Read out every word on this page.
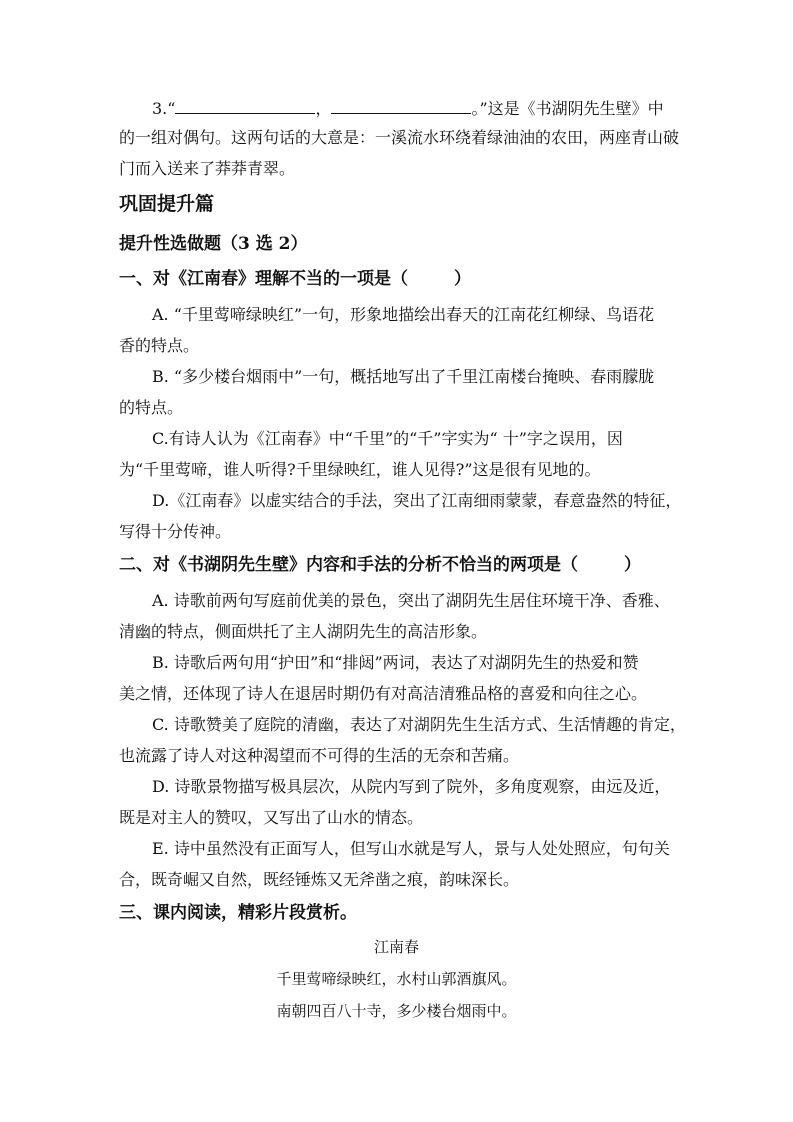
3.“	，	。”这是《书湖阴先生壁》中
的一组对偶句。这两句话的大意是：一溪流水环绕着绿油油的农田，两座青山破
门而入送来了莽莽青翠。
巩固提升篇
提升性选做题（3 选 2）
一、对《江南春》理解不当的一项是（	）
A. “千里莺啼绿映红”一句，形象地描绘出春天的江南花红柳绿、鸟语花
香的特点。
B. “多少楼台烟雨中”一句，概括地写出了千里江南楼台掩映、春雨朦胧
的特点。
C.有诗人认为《江南春》中“千里”的“千”字实为“ 十”字之误用，因
为“千里莺啼，谁人听得?千里绿映红，谁人见得?”这是很有见地的。
D.《江南春》以虚实结合的手法，突出了江南细雨蒙蒙，春意盎然的特征，
写得十分传神。
二、对《书湖阴先生壁》内容和手法的分析不恰当的两项是（	）
A. 诗歌前两句写庭前优美的景色，突出了湖阴先生居住环境干净、香雅、
清幽的特点，侧面烘托了主人湖阴先生的高洁形象。
B. 诗歌后两句用“护田”和“排闼”两词，表达了对湖阴先生的热爱和赞
美之情，还体现了诗人在退居时期仍有对高洁清雅品格的喜爱和向往之心。
C. 诗歌赞美了庭院的清幽，表达了对湖阴先生生活方式、生活情趣的肯定，
也流露了诗人对这种渴望而不可得的生活的无奈和苦痛。
D. 诗歌景物描写极具层次，从院内写到了院外，多角度观察，由远及近，
既是对主人的赞叹，又写出了山水的情态。
E. 诗中虽然没有正面写人，但写山水就是写人，景与人处处照应，句句关
合，既奇崛又自然，既经锤炼又无斧凿之痕，韵味深长。
三、课内阅读，精彩片段赏析。
江南春
千里莺啼绿映红，水村山郭酒旗风。
南朝四百八十寺，多少楼台烟雨中。
